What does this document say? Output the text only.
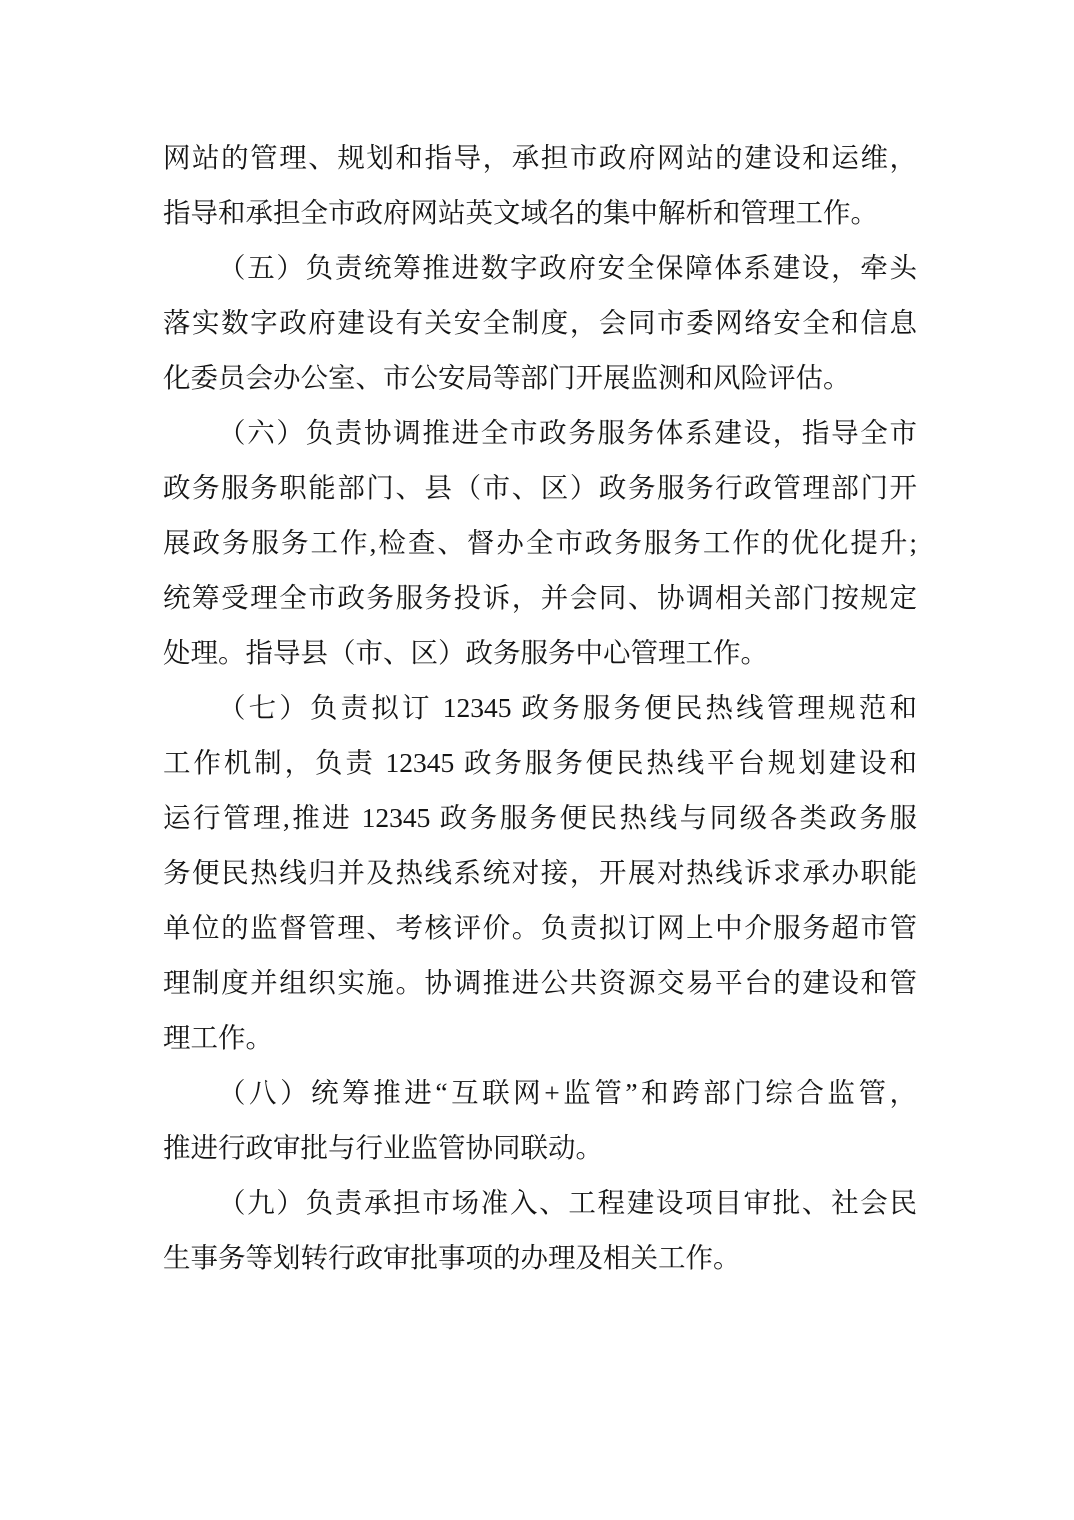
网站的管理、规划和指导，承担市政府网站的建设和运维，
指导和承担全市政府网站英文域名的集中解析和管理工作。
（五）负责统筹推进数字政府安全保障体系建设，牵头
落实数字政府建设有关安全制度，会同市委网络安全和信息
化委员会办公室、市公安局等部门开展监测和风险评估。
（六）负责协调推进全市政务服务体系建设，指导全市
政务服务职能部门、县（市、区）政务服务行政管理部门开
展政务服务工作,检查、督办全市政务服务工作的优化提升;
统筹受理全市政务服务投诉，并会同、协调相关部门按规定
处理。指导县（市、区）政务服务中心管理工作。
（七）负责拟订 12345 政务服务便民热线管理规范和
工作机制，负责 12345 政务服务便民热线平台规划建设和
运行管理,推进 12345 政务服务便民热线与同级各类政务服
务便民热线归并及热线系统对接，开展对热线诉求承办职能
单位的监督管理、考核评价。负责拟订网上中介服务超市管
理制度并组织实施。协调推进公共资源交易平台的建设和管
理工作。
（八）统筹推进“互联网+监管”和跨部门综合监管，
推进行政审批与行业监管协同联动。
（九）负责承担市场准入、工程建设项目审批、社会民
生事务等划转行政审批事项的办理及相关工作。
